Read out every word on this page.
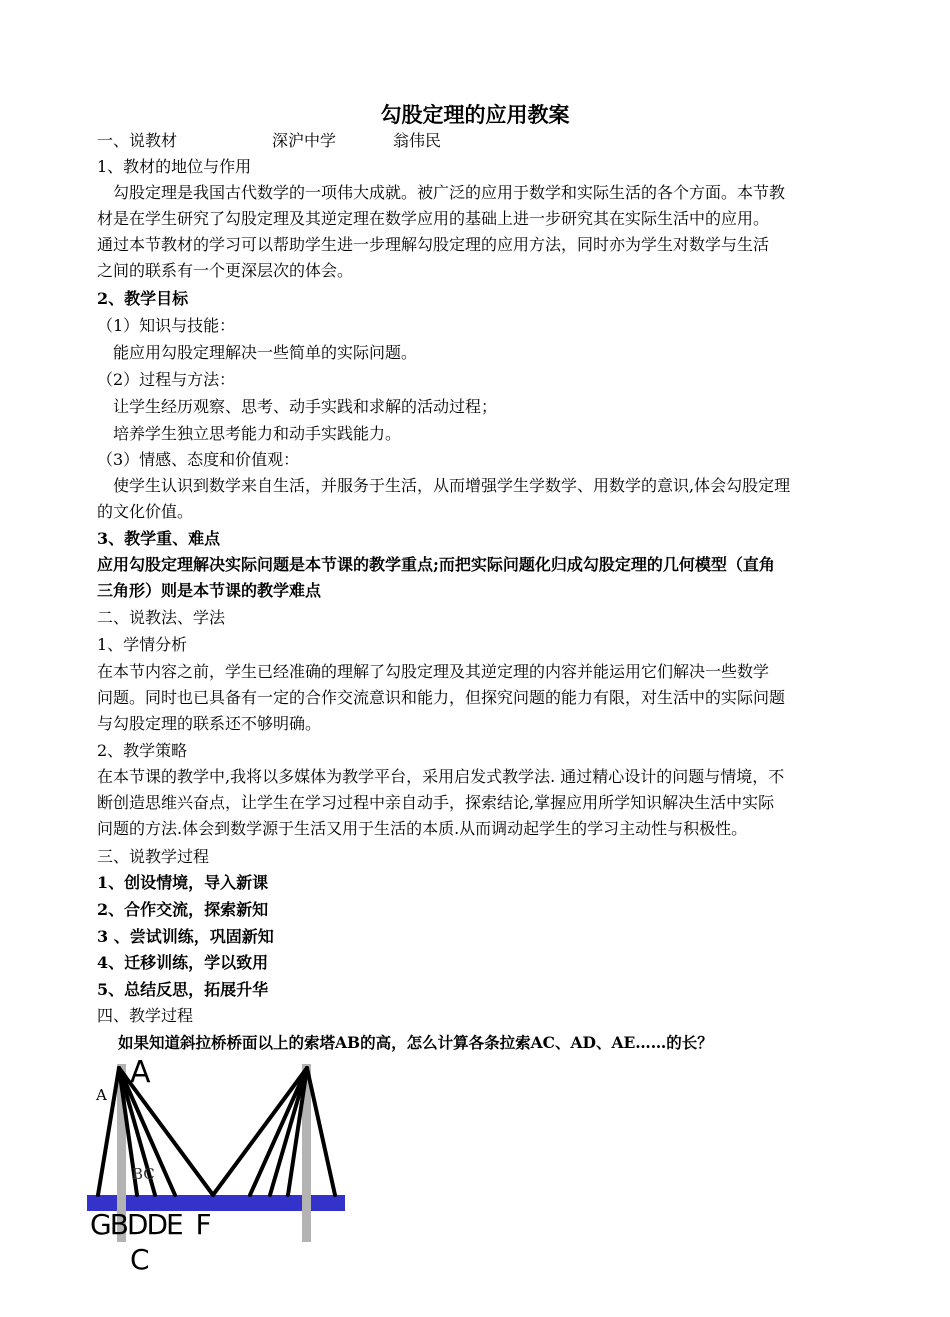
勾股定理的应用教案
一、说教材	深沪中学	翁伟民
1、教材的地位与作用
　勾股定理是我国古代数学的一项伟大成就。被广泛的应用于数学和实际生活的各个方面。本节教
材是在学生研究了勾股定理及其逆定理在数学应用的基础上进一步研究其在实际生活中的应用。
通过本节教材的学习可以帮助学生进一步理解勾股定理的应用方法，同时亦为学生对数学与生活
之间的联系有一个更深层次的体会。
2、教学目标
（1）知识与技能：
　能应用勾股定理解决一些简单的实际问题。
（2）过程与方法：
　让学生经历观察、思考、动手实践和求解的活动过程；
　培养学生独立思考能力和动手实践能力。
（3）情感、态度和价值观：
　使学生认识到数学来自生活，并服务于生活，从而增强学生学数学、用数学的意识,体会勾股定理
的文化价值。
3、教学重、难点
应用勾股定理解决实际问题是本节课的教学重点;而把实际问题化归成勾股定理的几何模型（直角
三角形）则是本节课的教学难点
二、说教法、学法
1、学情分析
在本节内容之前，学生已经准确的理解了勾股定理及其逆定理的内容并能运用它们解决一些数学
问题。同时也已具备有一定的合作交流意识和能力，但探究问题的能力有限，对生活中的实际问题
与勾股定理的联系还不够明确。
2、教学策略
在本节课的教学中,我将以多媒体为教学平台，采用启发式教学法. 通过精心设计的问题与情境，不
断创造思维兴奋点，让学生在学习过程中亲自动手，探索结论,掌握应用所学知识解决生活中实际
问题的方法.体会到数学源于生活又用于生活的本质.从而调动起学生的学习主动性与积极性。
三、说教学过程
1、创设情境，导入新课
2、合作交流，探索新知
3 、尝试训练，巩固新知
4、迁移训练，学以致用
5、总结反思，拓展升华
四、教学过程
如果知道斜拉桥桥面以上的索塔AB的高，怎么计算各条拉索AC、AD、AE……的长？
A
A
BC
GBDDE  F
C
